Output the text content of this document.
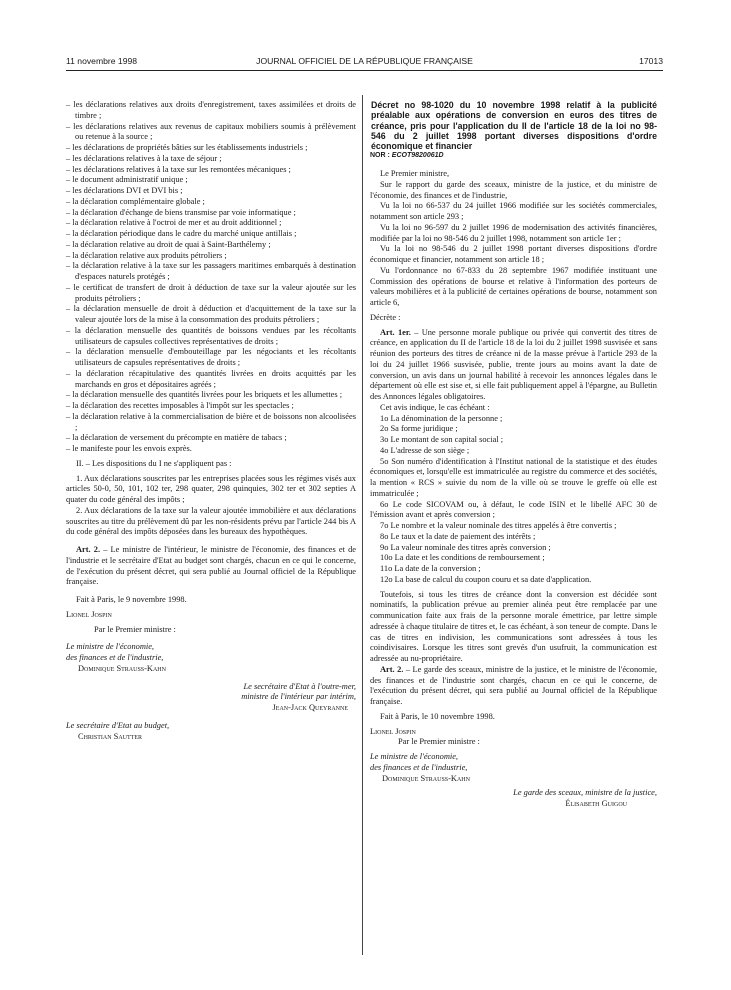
11 novembre 1998	JOURNAL OFFICIEL DE LA RÉPUBLIQUE FRANÇAISE	17013

– les déclarations relatives aux droits d'enregistrement, taxes assimilées et droits de timbre ;

– les déclarations relatives aux revenus de capitaux mobiliers soumis à prélèvement ou retenue à la source ;

– les déclarations de propriétés bâties sur les établissements industriels ;

– les déclarations relatives à la taxe de séjour ;

– les déclarations relatives à la taxe sur les remontées mécaniques ;

– le document administratif unique ;

– les déclarations DVI et DVI bis ;

– la déclaration complémentaire globale ;

– la déclaration d'échange de biens transmise par voie informatique ;

– la déclaration relative à l'octroi de mer et au droit additionnel ;

– la déclaration périodique dans le cadre du marché unique antillais ;

– la déclaration relative au droit de quai à Saint-Barthélemy ;

– la déclaration relative aux produits pétroliers ;

– la déclaration relative à la taxe sur les passagers maritimes embarqués à destination d'espaces naturels protégés ;

– le certificat de transfert de droit à déduction de taxe sur la valeur ajoutée sur les produits pétroliers ;

– la déclaration mensuelle de droit à déduction et d'acquittement de la taxe sur la valeur ajoutée lors de la mise à la consommation des produits pétroliers ;

– la déclaration mensuelle des quantités de boissons vendues par les récoltants utilisateurs de capsules collectives représentatives de droits ;

– la déclaration mensuelle d'embouteillage par les négociants et les récoltants utilisateurs de capsules représentatives de droits ;

– la déclaration récapitulative des quantités livrées en droits acquittés par les marchands en gros et dépositaires agréés ;

– la déclaration mensuelle des quantités livrées pour les briquets et les allumettes ;

– la déclaration des recettes imposables à l'impôt sur les spectacles ;

– la déclaration relative à la commercialisation de bière et de boissons non alcoolisées ;

– la déclaration de versement du précompte en matière de tabacs ;

– le manifeste pour les envois exprès.

II. – Les dispositions du I ne s'appliquent pas :

1. Aux déclarations souscrites par les entreprises placées sous les régimes visés aux articles 50-0, 50, 101, 102 ter, 298 quater, 298 quinquies, 302 ter et 302 septies A quater du code général des impôts ;

2. Aux déclarations de la taxe sur la valeur ajoutée immobilière et aux déclarations souscrites au titre du prélèvement dû par les non-résidents prévu par l'article 244 bis A du code général des impôts déposées dans les bureaux des hypothèques.

Art. 2. – Le ministre de l'intérieur, le ministre de l'économie, des finances et de l'industrie et le secrétaire d'Etat au budget sont chargés, chacun en ce qui le concerne, de l'exécution du présent décret, qui sera publié au Journal officiel de la République française.

Fait à Paris, le 9 novembre 1998.

Lionel Jospin

Par le Premier ministre :

Le ministre de l'économie,

des finances et de l'industrie,

Dominique Strauss-Kahn

Le secrétaire d'Etat à l'outre-mer,

ministre de l'intérieur par intérim,

Jean-Jack Queyranne

Le secrétaire d'Etat au budget,

Christian Sautter

Décret no 98-1020 du 10 novembre 1998 relatif à la publicité préalable aux opérations de conversion en euros des titres de créance, pris pour l'application du II de l'article 18 de la loi no 98-546 du 2 juillet 1998 portant diverses dispositions d'ordre économique et financier

NOR : ECOT9820061D

Le Premier ministre,

Sur le rapport du garde des sceaux, ministre de la justice, et du ministre de l'économie, des finances et de l'industrie,

Vu la loi no 66-537 du 24 juillet 1966 modifiée sur les sociétés commerciales, notamment son article 293 ;

Vu la loi no 96-597 du 2 juillet 1996 de modernisation des activités financières, modifiée par la loi no 98-546 du 2 juillet 1998, notamment son article 1er ;

Vu la loi no 98-546 du 2 juillet 1998 portant diverses dispositions d'ordre économique et financier, notamment son article 18 ;

Vu l'ordonnance no 67-833 du 28 septembre 1967 modifiée instituant une Commission des opérations de bourse et relative à l'information des porteurs de valeurs mobilières et à la publicité de certaines opérations de bourse, notamment son article 6,

Décrète :

Art. 1er. – Une personne morale publique ou privée qui convertit des titres de créance, en application du II de l'article 18 de la loi du 2 juillet 1998 susvisée et sans réunion des porteurs des titres de créance ni de la masse prévue à l'article 293 de la loi du 24 juillet 1966 susvisée, publie, trente jours au moins avant la date de conversion, un avis dans un journal habilité à recevoir les annonces légales dans le département où elle est sise et, si elle fait publiquement appel à l'épargne, au Bulletin des Annonces légales obligatoires.

Cet avis indique, le cas échéant :

1o La dénomination de la personne ;

2o Sa forme juridique ;

3o Le montant de son capital social ;

4o L'adresse de son siège ;

5o Son numéro d'identification à l'Institut national de la statistique et des études économiques et, lorsqu'elle est immatriculée au registre du commerce et des sociétés, la mention « RCS » suivie du nom de la ville où se trouve le greffe où elle est immatriculée ;

6o Le code SICOVAM ou, à défaut, le code ISIN et le libellé AFC 30 de l'émission avant et après conversion ;

7o Le nombre et la valeur nominale des titres appelés à être convertis ;

8o Le taux et la date de paiement des intérêts ;

9o La valeur nominale des titres après conversion ;

10o La date et les conditions de remboursement ;

11o La date de la conversion ;

12o La base de calcul du coupon couru et sa date d'application.

Toutefois, si tous les titres de créance dont la conversion est décidée sont nominatifs, la publication prévue au premier alinéa peut être remplacée par une communication faite aux frais de la personne morale émettrice, par lettre simple adressée à chaque titulaire de titres et, le cas échéant, à son teneur de compte. Dans le cas de titres en indivision, les communications sont adressées à tous les coindivisaires. Lorsque les titres sont grevés d'un usufruit, la communication est adressée au nu-propriétaire.

Art. 2. – Le garde des sceaux, ministre de la justice, et le ministre de l'économie, des finances et de l'industrie sont chargés, chacun en ce qui le concerne, de l'exécution du présent décret, qui sera publié au Journal officiel de la République française.

Fait à Paris, le 10 novembre 1998.

Lionel Jospin

Par le Premier ministre :

Le ministre de l'économie,

des finances et de l'industrie,

Dominique Strauss-Kahn

Le garde des sceaux, ministre de la justice,

Élisabeth Guigou
